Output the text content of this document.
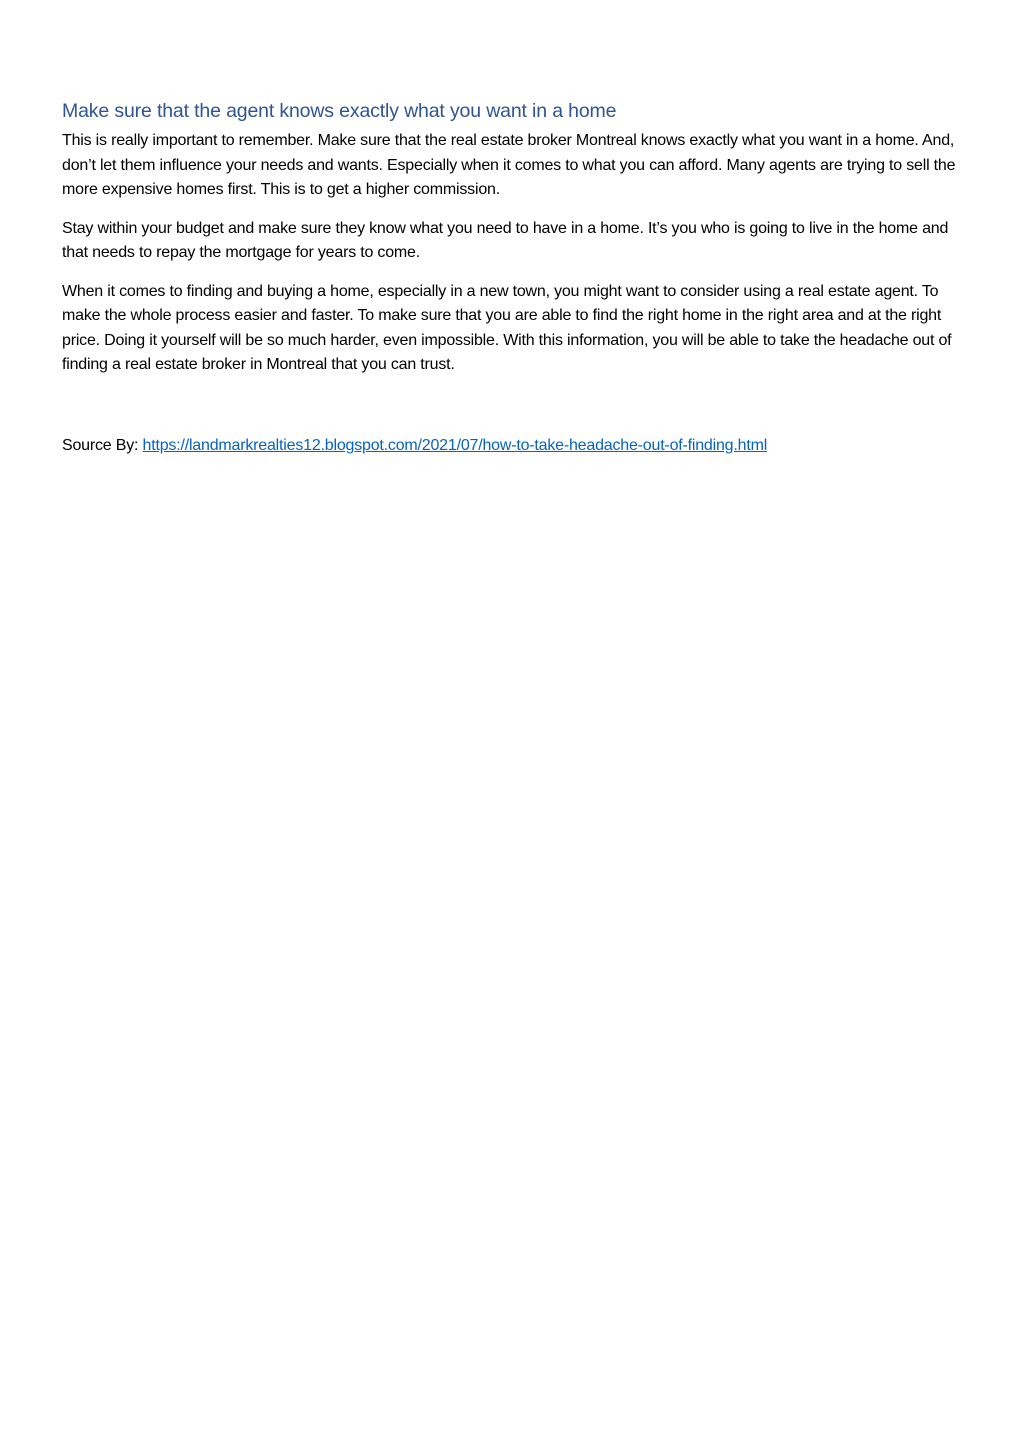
Make sure that the agent knows exactly what you want in a home

This is really important to remember. Make sure that the real estate broker Montreal knows exactly what you want in a home. And, don’t let them influence your needs and wants. Especially when it comes to what you can afford. Many agents are trying to sell the more expensive homes first. This is to get a higher commission.

Stay within your budget and make sure they know what you need to have in a home. It’s you who is going to live in the home and that needs to repay the mortgage for years to come.

When it comes to finding and buying a home, especially in a new town, you might want to consider using a real estate agent. To make the whole process easier and faster. To make sure that you are able to find the right home in the right area and at the right price. Doing it yourself will be so much harder, even impossible. With this information, you will be able to take the headache out of finding a real estate broker in Montreal that you can trust.

Source By: https://landmarkrealties12.blogspot.com/2021/07/how-to-take-headache-out-of-finding.html
